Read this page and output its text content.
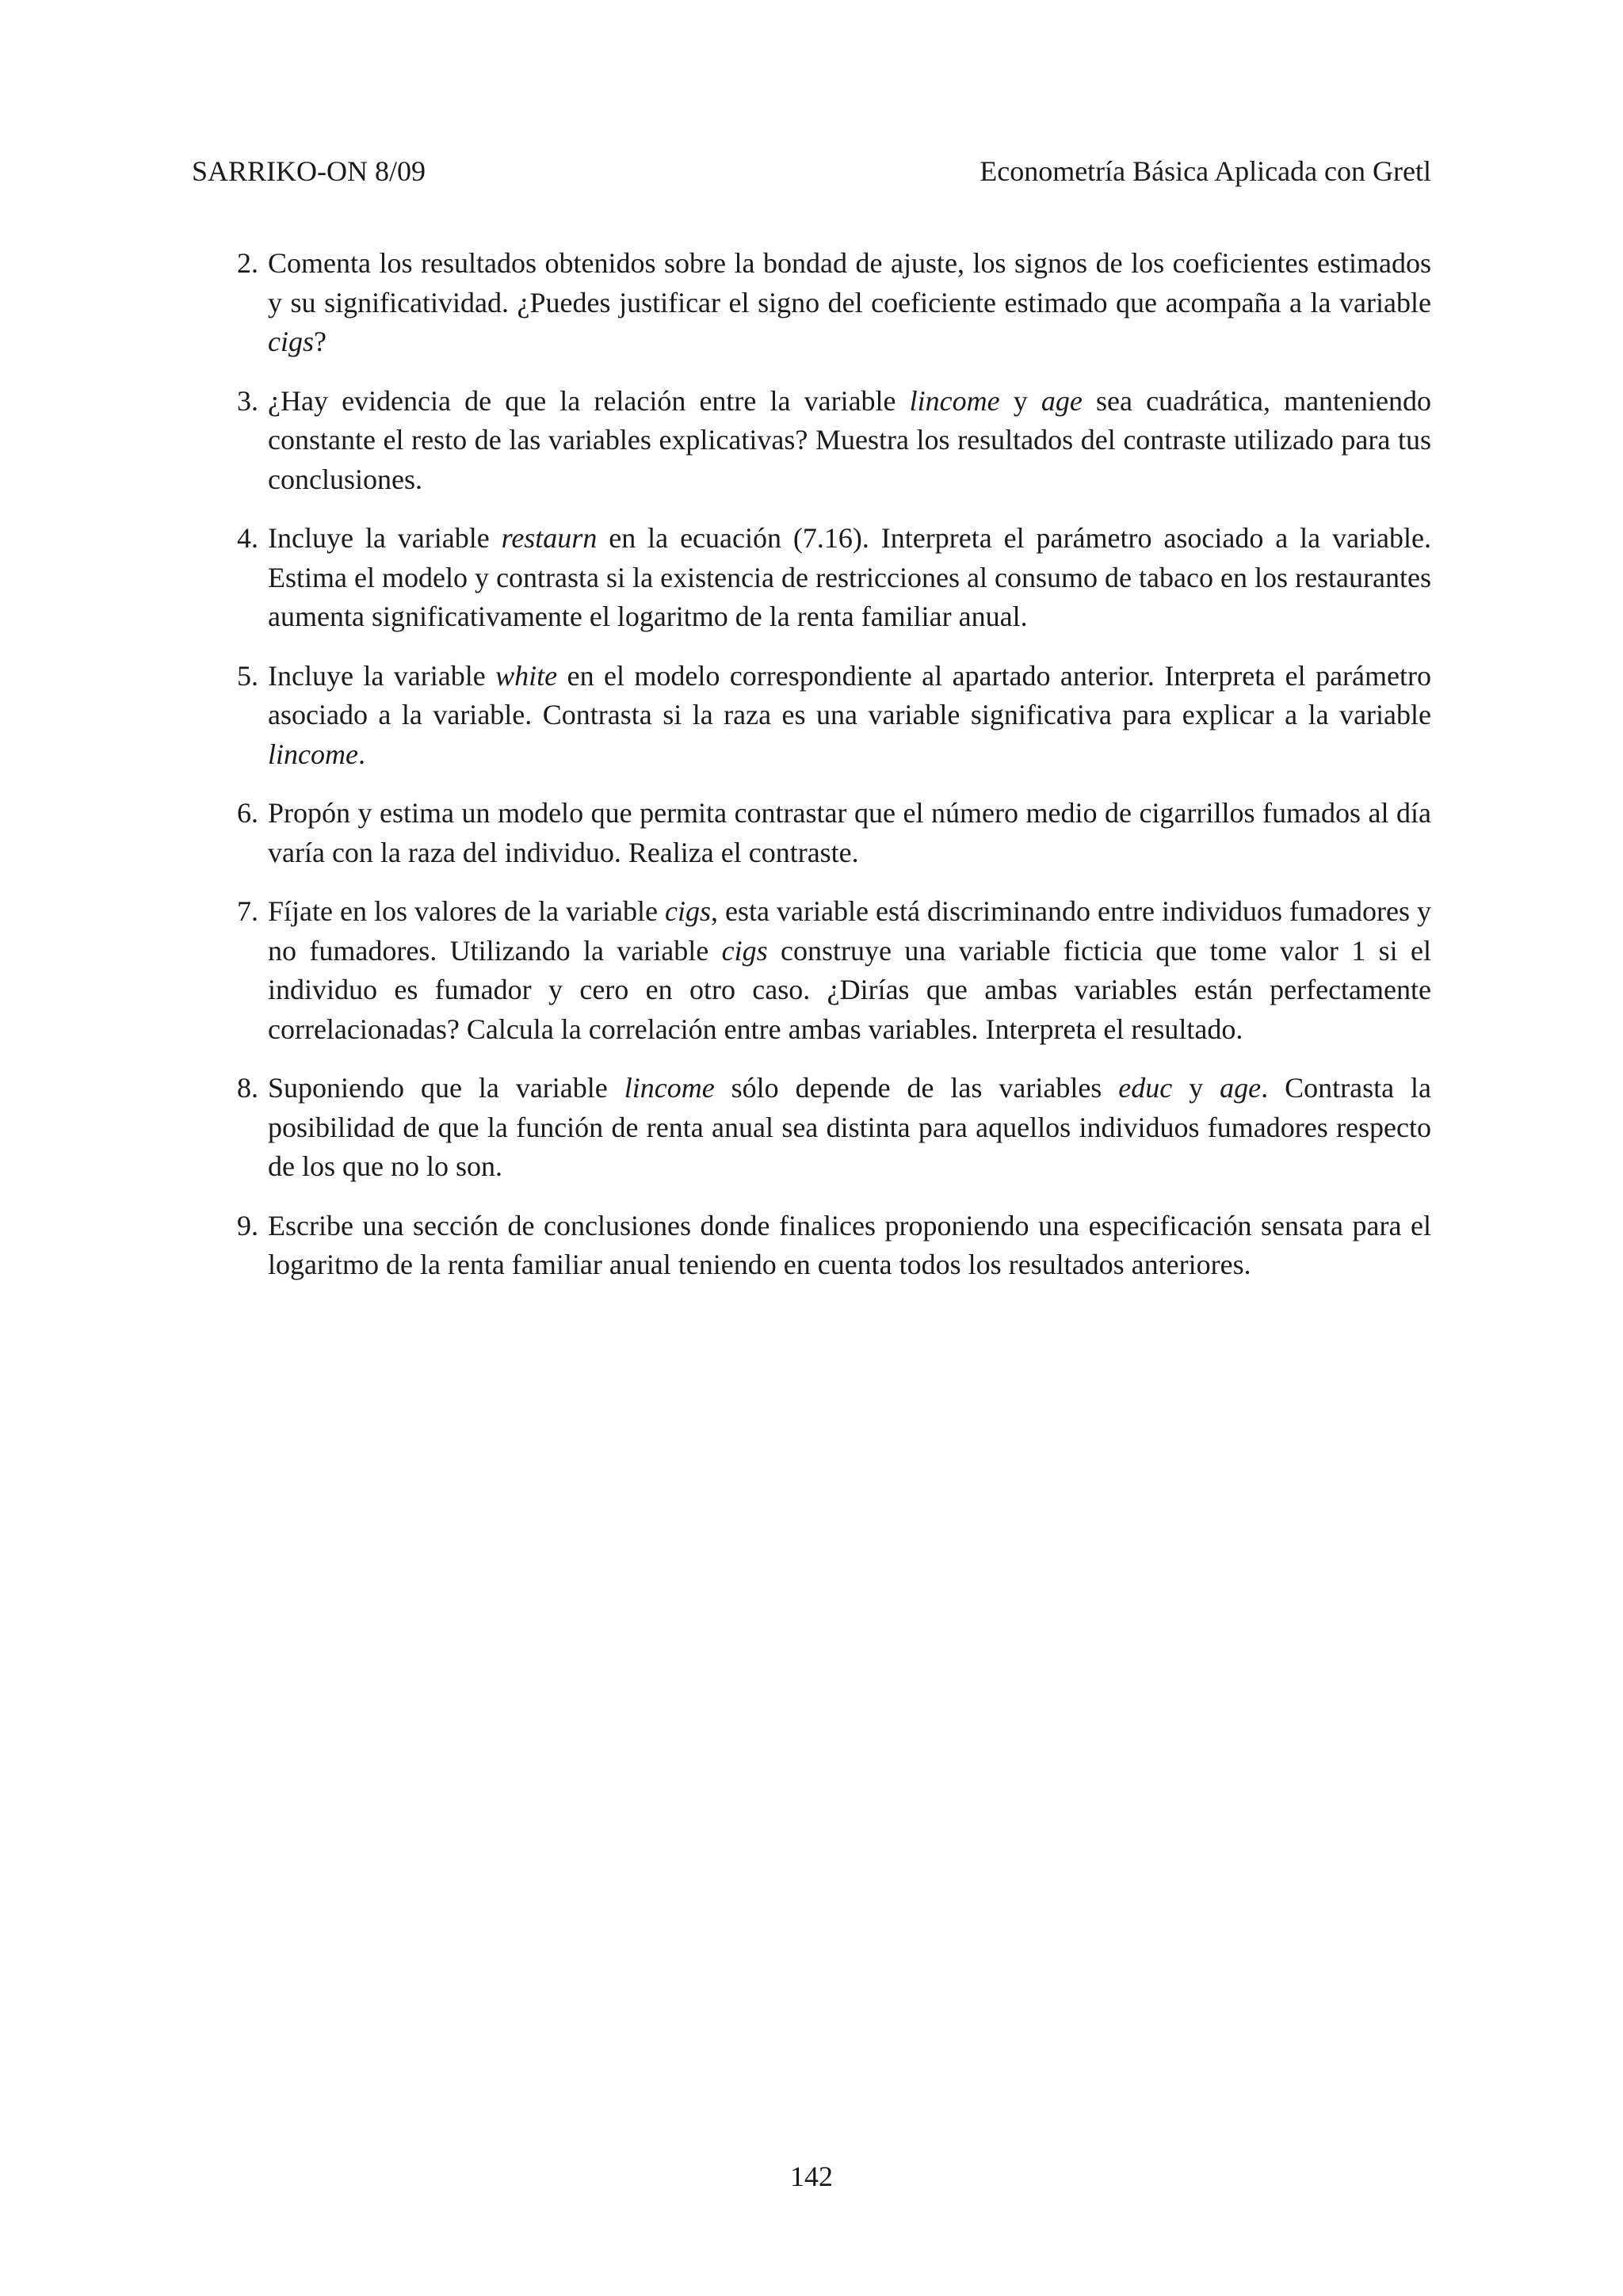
SARRIKO-ON 8/09	Econometría Básica Aplicada con Gretl
2. Comenta los resultados obtenidos sobre la bondad de ajuste, los signos de los coeficientes estimados y su significatividad. ¿Puedes justificar el signo del coeficiente estimado que acompaña a la variable cigs?
3. ¿Hay evidencia de que la relación entre la variable lincome y age sea cuadrática, manteniendo constante el resto de las variables explicativas? Muestra los resultados del contraste utilizado para tus conclusiones.
4. Incluye la variable restaurn en la ecuación (7.16). Interpreta el parámetro asociado a la variable. Estima el modelo y contrasta si la existencia de restricciones al consumo de tabaco en los restaurantes aumenta significativamente el logaritmo de la renta familiar anual.
5. Incluye la variable white en el modelo correspondiente al apartado anterior. Interpreta el parámetro asociado a la variable. Contrasta si la raza es una variable significativa para explicar a la variable lincome.
6. Propón y estima un modelo que permita contrastar que el número medio de cigarrillos fumados al día varía con la raza del individuo. Realiza el contraste.
7. Fíjate en los valores de la variable cigs, esta variable está discriminando entre individuos fumadores y no fumadores. Utilizando la variable cigs construye una variable ficticia que tome valor 1 si el individuo es fumador y cero en otro caso. ¿Dirías que ambas variables están perfectamente correlacionadas? Calcula la correlación entre ambas variables. Interpreta el resultado.
8. Suponiendo que la variable lincome sólo depende de las variables educ y age. Contrasta la posibilidad de que la función de renta anual sea distinta para aquellos individuos fumadores respecto de los que no lo son.
9. Escribe una sección de conclusiones donde finalices proponiendo una especificación sensata para el logaritmo de la renta familiar anual teniendo en cuenta todos los resultados anteriores.
142
